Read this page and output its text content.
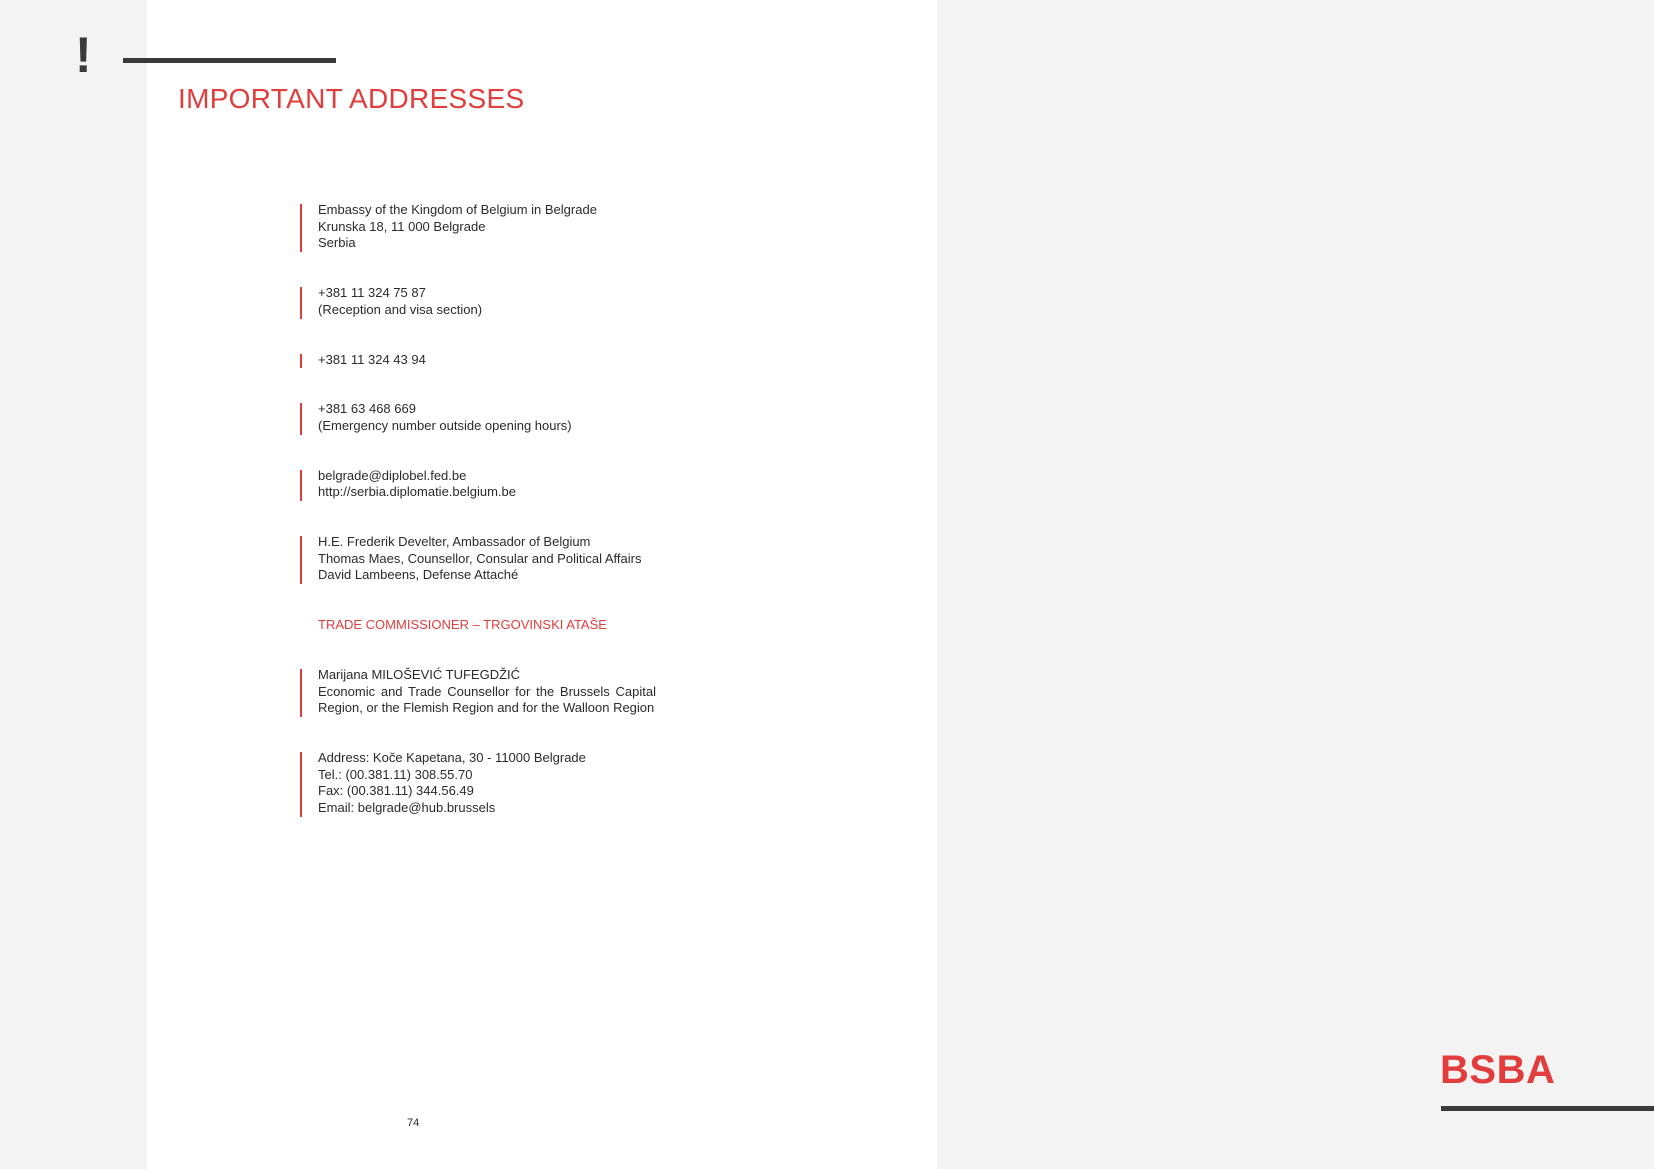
!
IMPORTANT ADDRESSES
Embassy of the Kingdom of Belgium in Belgrade
Krunska 18, 11 000 Belgrade
Serbia
+381 11 324 75 87
(Reception and visa section)
+381 11 324 43 94
+381 63 468 669
(Emergency number outside opening hours)
belgrade@diplobel.fed.be
http://serbia.diplomatie.belgium.be
H.E. Frederik Develter, Ambassador of Belgium
Thomas Maes, Counsellor, Consular and Political Affairs
David Lambeens, Defense Attaché
TRADE COMMISSIONER – TRGOVINSKI ATAŠE
Marijana MILOŠEVIĆ TUFEGDŽIĆ
Economic and Trade Counsellor for the Brussels Capital
Region, or the Flemish Region and for the Walloon Region
Address: Koče Kapetana, 30 - 11000 Belgrade
Tel.: (00.381.11) 308.55.70
Fax: (00.381.11) 344.56.49
Email: belgrade@hub.brussels
74
BSBA
